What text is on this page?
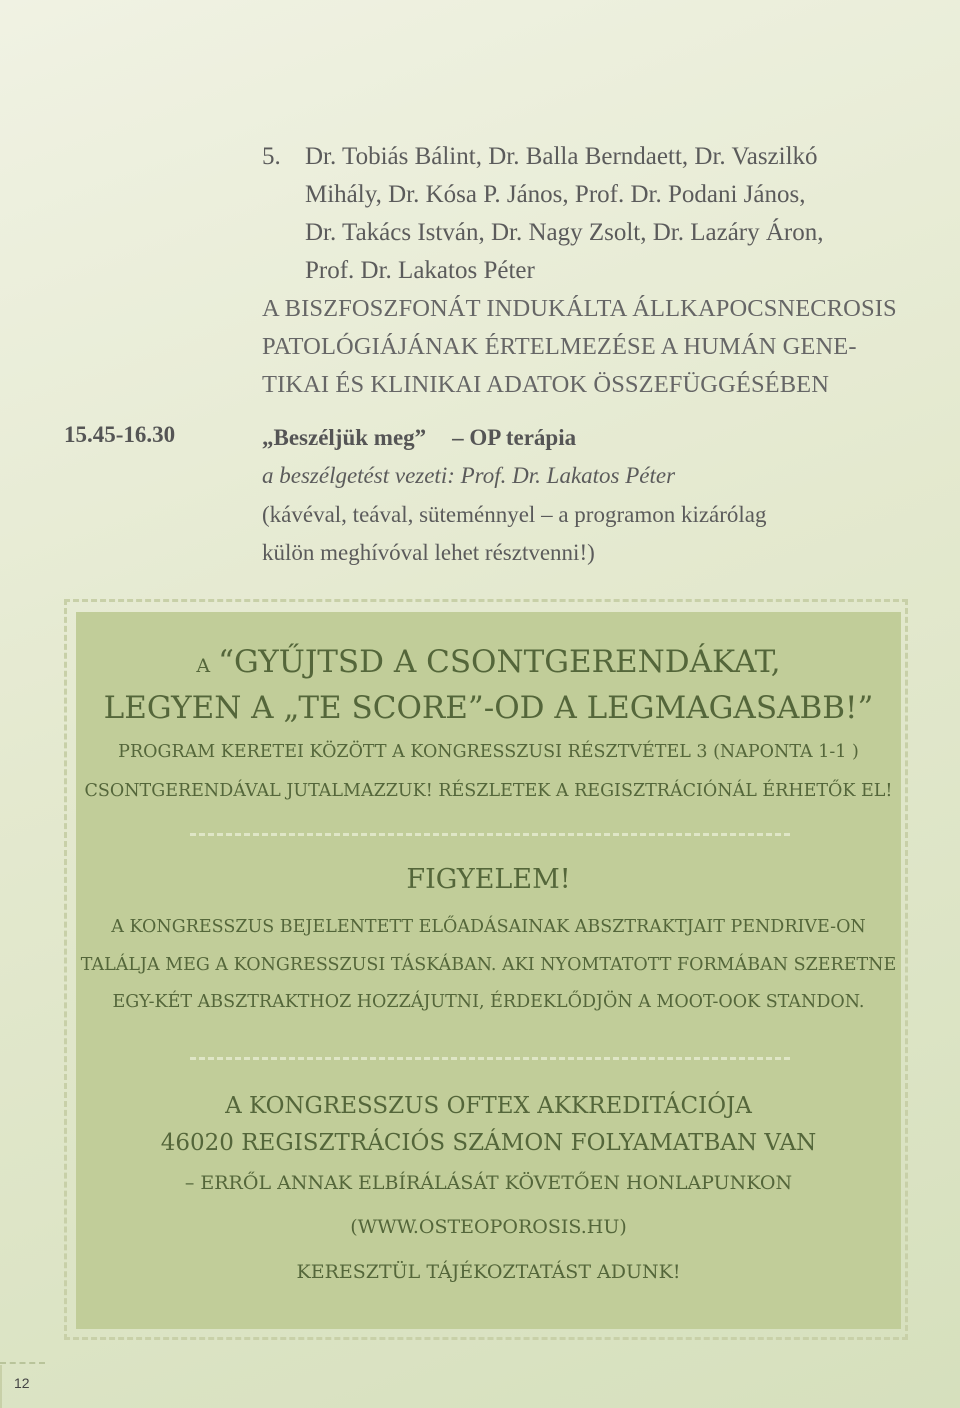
5. Dr. Tobiás Bálint, Dr. Balla Berndaett, Dr. Vaszilkó
Mihály, Dr. Kósa P. János, Prof. Dr. Podani János,
Dr. Takács István, Dr. Nagy Zsolt, Dr. Lazáry Áron,
Prof. Dr. Lakatos Péter
A BISZFOSZFONÁT INDUKÁLTA ÁLLKAPOCSNECROSIS
PATOLÓGIÁJÁNAK ÉRTELMEZÉSE A HUMÁN GENE-
TIKAI ÉS KLINIKAI ADATOK ÖSSZEFÜGGÉSÉBEN
15.45-16.30	„Beszéljük meg” – OP terápia
a beszélgetést vezeti: Prof. Dr. Lakatos Péter
(kávéval, teával, süteménnyel – a programon kizárólag
külön meghívóval lehet résztvenni!)
A “GYŰJTSD A CSONTGERENDÁKAT,
LEGYEN A „TE SCORE”-OD A LEGMAGASABB!”
PROGRAM KERETEI KÖZÖTT A KONGRESSZUSI RÉSZTVÉTEL 3 (NAPONTA 1-1 )
CSONTGERENDÁVAL JUTALMAZZUK! RÉSZLETEK A REGISZTRÁCIÓNÁL ÉRHETŐK EL!
FIGYELEM!
A KONGRESSZUS BEJELENTETT ELŐADÁSAINAK ABSZTRAKTJAIT PENDRIVE-ON
TALÁLJA MEG A KONGRESSZUSI TÁSKÁBAN. AKI NYOMTATOTT FORMÁBAN SZERETNE
EGY-KÉT ABSZTRAKTHOZ HOZZÁJUTNI, ÉRDEKLŐDJÖN A MOOT-OOK STANDON.
A KONGRESSZUS OFTEX AKKREDITÁCIÓJA
46020 REGISZTRÁCIÓS SZÁMON FOLYAMATBAN VAN
– ERRŐL ANNAK ELBÍRÁLÁSÁT KÖVETŐEN HONLAPUNKON
(WWW.OSTEOPOROSIS.HU)
KERESZTÜL TÁJÉKOZTATÁST ADUNK!
12
